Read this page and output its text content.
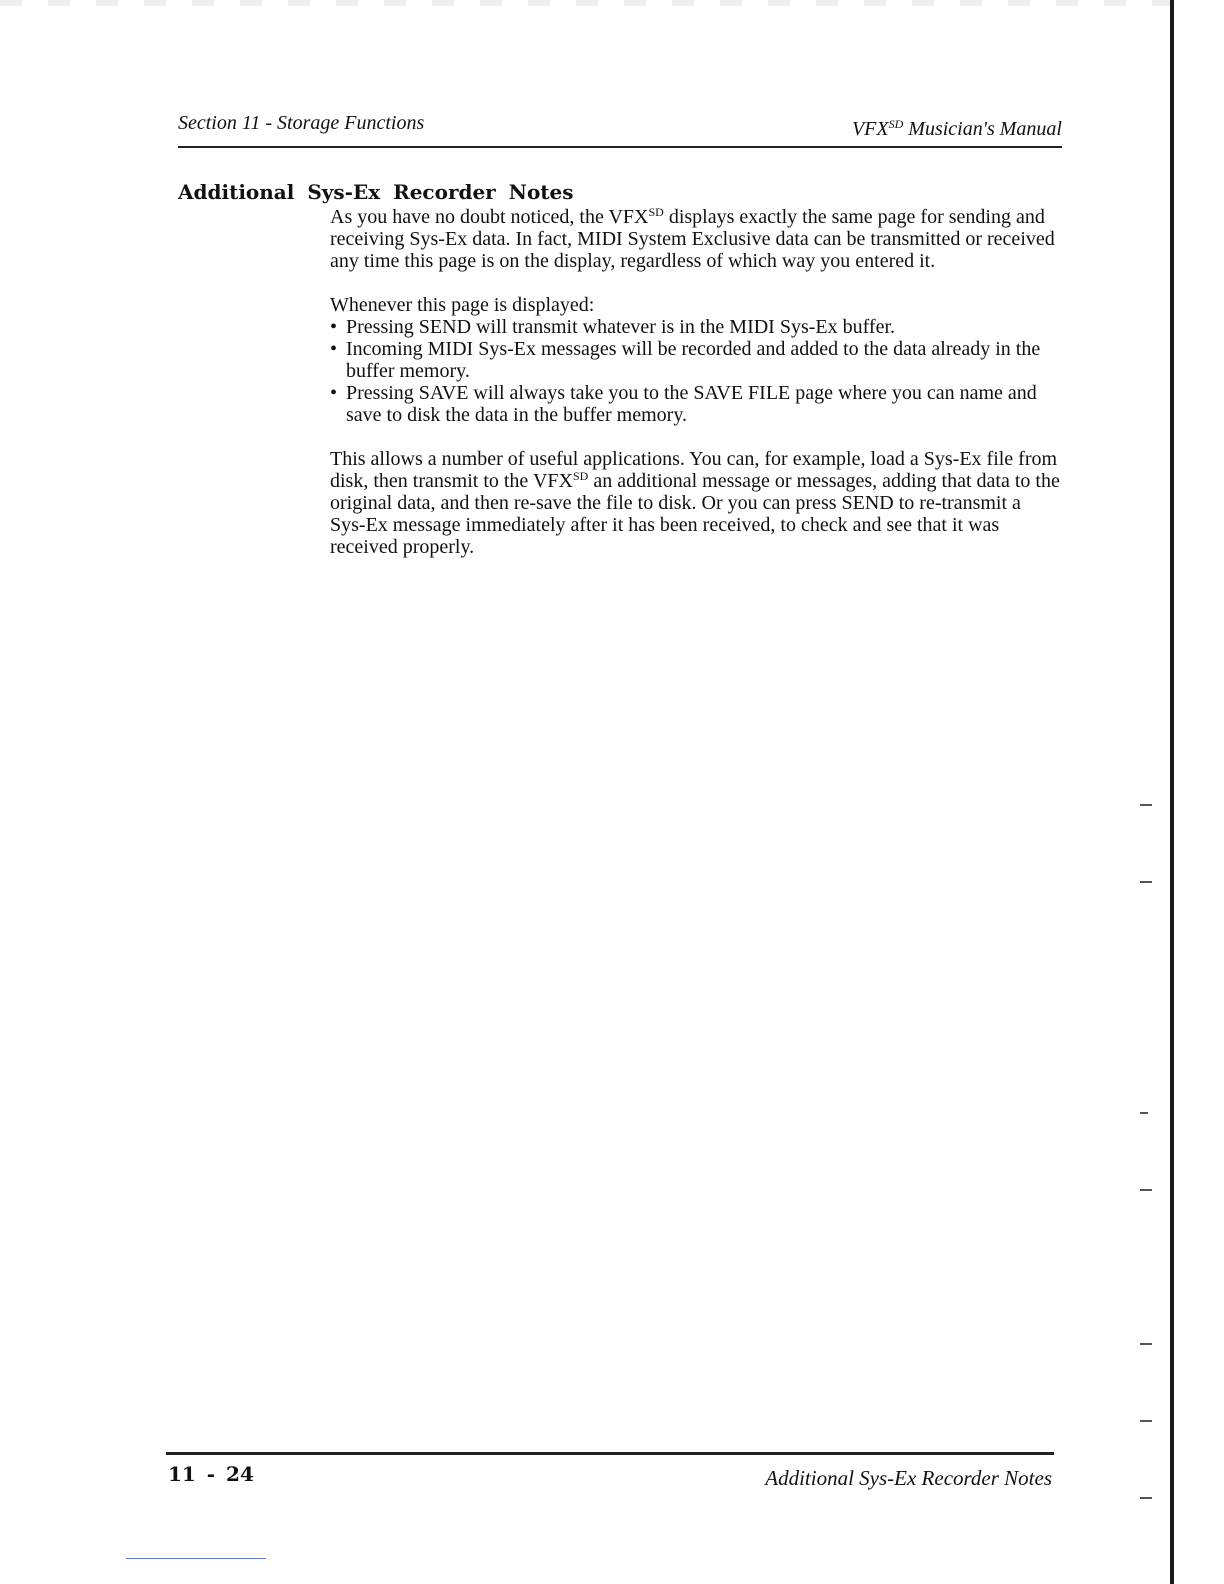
Section 11 - Storage Functions	$VFX^{SD}$ Musician's Manual
Additional Sys-Ex Recorder Notes

As you have no doubt noticed, the $VFX^{SD}$ displays exactly the same page for sending and receiving Sys-Ex data. In fact, MIDI System Exclusive data can be transmitted or received any time this page is on the display, regardless of which way you entered it.

Whenever this page is displayed:
• Pressing SEND will transmit whatever is in the MIDI Sys-Ex buffer.
• Incoming MIDI Sys-Ex messages will be recorded and added to the data already in the buffer memory.
• Pressing SAVE will always take you to the SAVE FILE page where you can name and save to disk the data in the buffer memory.

This allows a number of useful applications. You can, for example, load a Sys-Ex file from disk, then transmit to the $VFX^{SD}$ an additional message or messages, adding that data to the original data, and then re-save the file to disk. Or you can press SEND to re-transmit a Sys-Ex message immediately after it has been received, to check and see that it was received properly.

11 - 24	Additional Sys-Ex Recorder Notes
